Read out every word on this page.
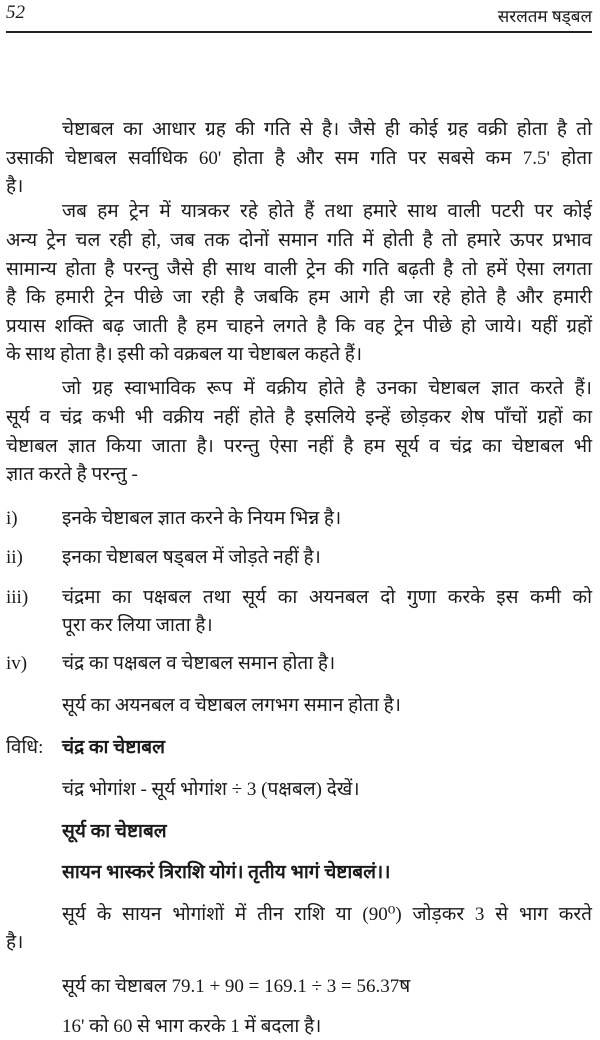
52	सरलतम षड्बल
चेष्टाबल का आधार ग्रह की गति से है। जैसे ही कोई ग्रह वक्री होता है तो
उसाकी चेष्टाबल सर्वाधिक 60' होता है और सम गति पर सबसे कम 7.5' होता
है।
जब हम ट्रेन में यात्रकर रहे होते हैं तथा हमारे साथ वाली पटरी पर कोई
अन्य ट्रेन चल रही हो, जब तक दोनों समान गति में होती है तो हमारे ऊपर प्रभाव
सामान्य होता है परन्तु जैसे ही साथ वाली ट्रेन की गति बढ़ती है तो हमें ऐसा लगता
है कि हमारी ट्रेन पीछे जा रही है जबकि हम आगे ही जा रहे होते है और हमारी
प्रयास शक्ति बढ़ जाती है हम चाहने लगते है कि वह ट्रेन पीछे हो जाये। यहीं ग्रहों
के साथ होता है। इसी को वक्रबल या चेष्टाबल कहते हैं।
जो ग्रह स्वाभाविक रूप में वक्रीय होते है उनका चेष्टाबल ज्ञात करते हैं।
सूर्य व चंद्र कभी भी वक्रीय नहीं होते है इसलिये इन्हें छोड़कर शेष पाँचों ग्रहों का
चेष्टाबल ज्ञात किया जाता है। परन्तु ऐसा नहीं है हम सूर्य व चंद्र का चेष्टाबल भी
ज्ञात करते है परन्तु -
i) इनके चेष्टाबल ज्ञात करने के नियम भिन्न है।
ii) इनका चेष्टाबल षड्बल में जोड़ते नहीं है।
iii) चंद्रमा का पक्षबल तथा सूर्य का अयनबल दो गुणा करके इस कमी को
पूरा कर लिया जाता है।
iv) चंद्र का पक्षबल व चेष्टाबल समान होता है।
सूर्य का अयनबल व चेष्टाबल लगभग समान होता है।
विधि: चंद्र का चेष्टाबल
चंद्र भोगांश - सूर्य भोगांश ÷ 3 (पक्षबल) देखें।
सूर्य का चेष्टाबल
सायन भास्करं त्रिराशि योगं। तृतीय भागं चेष्टाबलं।।
सूर्य के सायन भोगांशों में तीन राशि या (90⁰) जोड़कर 3 से भाग करते
है।
सूर्य का चेष्टाबल 79.1 + 90 = 169.1 ÷ 3 = 56.37ष
16' को 60 से भाग करके 1 में बदला है।
